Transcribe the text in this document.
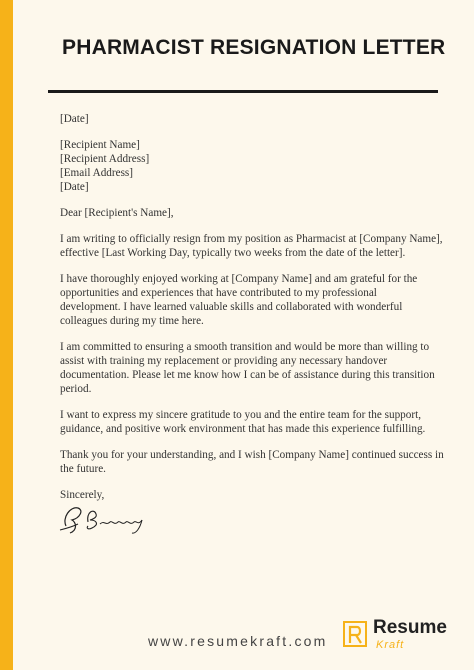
PHARMACIST RESIGNATION LETTER
[Date]
[Recipient Name]
[Recipient Address]
[Email Address]
[Date]
Dear [Recipient's Name],
I am writing to officially resign from my position as Pharmacist at [Company Name],
effective [Last Working Day, typically two weeks from the date of the letter].
I have thoroughly enjoyed working at [Company Name] and am grateful for the
opportunities and experiences that have contributed to my professional
development. I have learned valuable skills and collaborated with wonderful
colleagues during my time here.
I am committed to ensuring a smooth transition and would be more than willing to
assist with training my replacement or providing any necessary handover
documentation. Please let me know how I can be of assistance during this transition
period.
I want to express my sincere gratitude to you and the entire team for the support,
guidance, and positive work environment that has made this experience fulfilling.
Thank you for your understanding, and I wish [Company Name] continued success in
the future.
Sincerely,
www.resumekraft.com
Resume
Kraft
